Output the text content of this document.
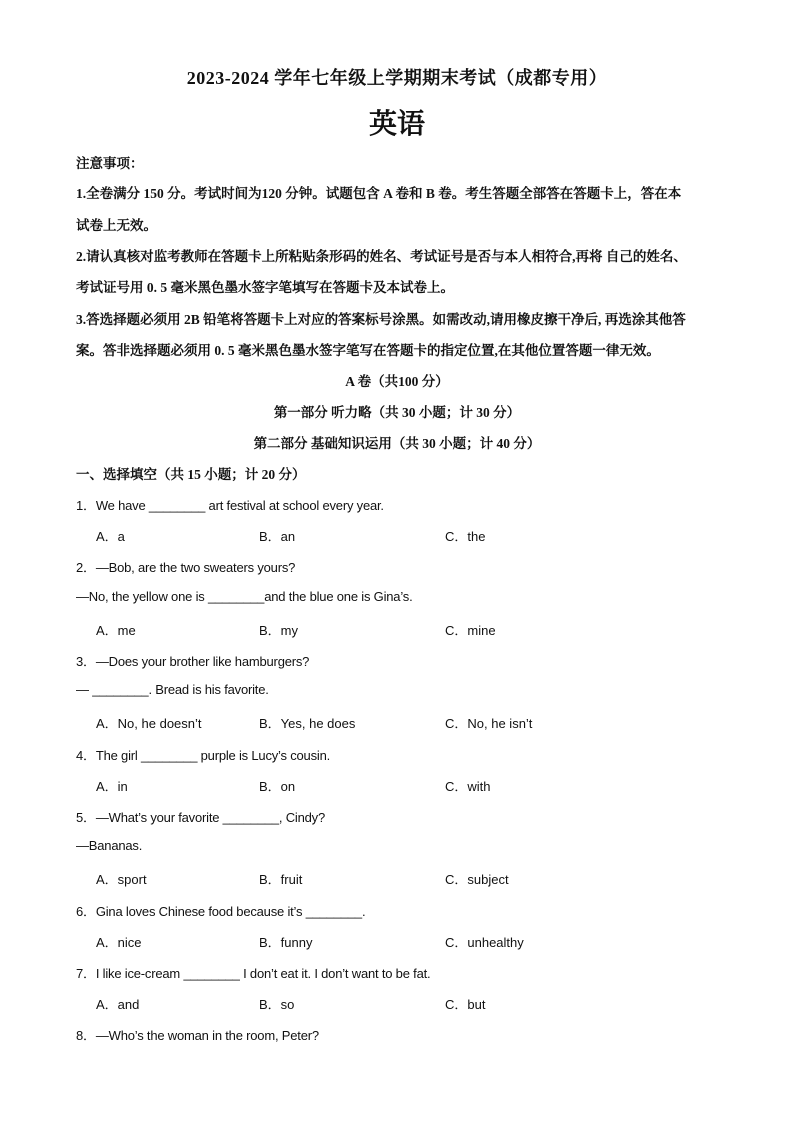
2023-2024 学年七年级上学期期末考试（成都专用）
英语
注意事项：
1.全卷满分 150 分。考试时间为120 分钟。试题包含 A 卷和 B 卷。考生答题全部答在答题卡上，答在本
试卷上无效。
2.请认真核对监考教师在答题卡上所粘贴条形码的姓名、考试证号是否与本人相符合,再将 自己的姓名、
考试证号用 0. 5 毫米黑色墨水签字笔填写在答题卡及本试卷上。
3.答选择题必须用 2B 铅笔将答题卡上对应的答案标号涂黑。如需改动,请用橡皮擦干净后, 再选涂其他答
案。答非选择题必须用 0. 5 毫米黑色墨水签字笔写在答题卡的指定位置,在其他位置答题一律无效。
A 卷（共100 分）
第一部分 听力略（共 30 小题；计 30 分）
第二部分 基础知识运用（共 30 小题；计 40 分）
一、选择填空（共 15 小题；计 20 分）
1．We have ________ art festival at school every year.
A．a	B．an	C．the
2．—Bob, are the two sweaters yours?
—No, the yellow one is ________and the blue one is Gina’s.
A．me	B．my	C．mine
3．—Does your brother like hamburgers?
— ________. Bread is his favorite.
A．No, he doesn’t	B．Yes, he does	C．No, he isn’t
4．The girl ________ purple is Lucy’s cousin.
A．in	B．on	C．with
5．—What’s your favorite ________, Cindy?
—Bananas.
A．sport	B．fruit	C．subject
6．Gina loves Chinese food because it’s ________.
A．nice	B．funny	C．unhealthy
7．I like ice-cream ________ I don’t eat it. I don’t want to be fat.
A．and	B．so	C．but
8．—Who’s the woman in the room, Peter?
